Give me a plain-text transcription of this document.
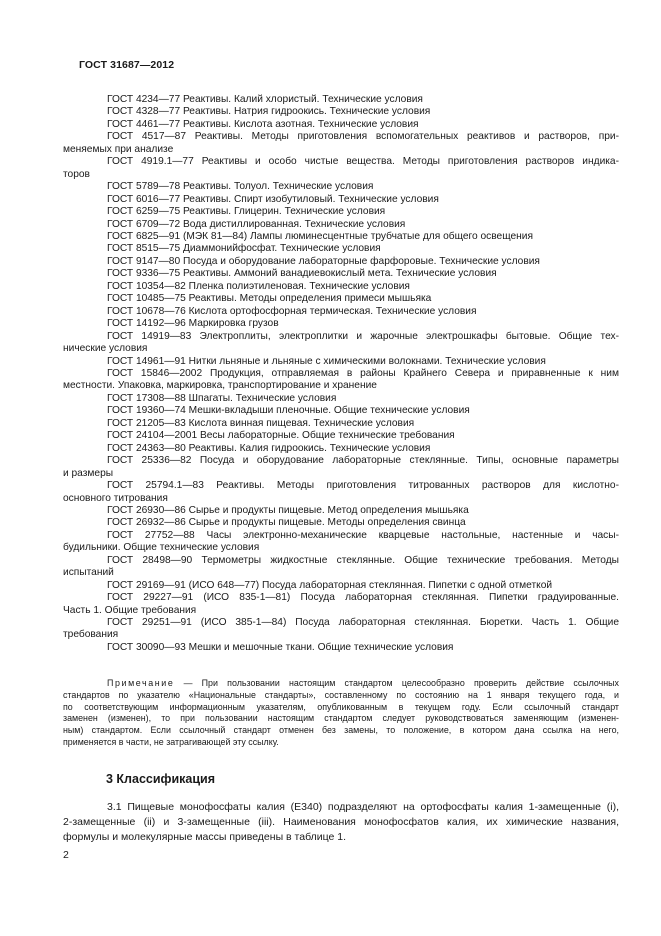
ГОСТ 31687—2012
ГОСТ 4234—77 Реактивы. Калий хлористый. Технические условия
ГОСТ 4328—77 Реактивы. Натрия гидроокись. Технические условия
ГОСТ 4461—77 Реактивы. Кислота азотная. Технические условия
ГОСТ 4517—87 Реактивы. Методы приготовления вспомогательных реактивов и растворов, при-
меняемых при анализе
ГОСТ 4919.1—77 Реактивы и особо чистые вещества. Методы приготовления растворов индика-
торов
ГОСТ 5789—78 Реактивы. Толуол. Технические условия
ГОСТ 6016—77 Реактивы. Спирт изобутиловый. Технические условия
ГОСТ 6259—75 Реактивы. Глицерин. Технические условия
ГОСТ 6709—72 Вода дистиллированная. Технические условия
ГОСТ 6825—91 (МЭК 81—84) Лампы люминесцентные трубчатые для общего освещения
ГОСТ 8515—75 Диаммонийфосфат. Технические условия
ГОСТ 9147—80 Посуда и оборудование лабораторные фарфоровые. Технические условия
ГОСТ 9336—75 Реактивы. Аммоний ванадиевокислый мета. Технические условия
ГОСТ 10354—82 Пленка полиэтиленовая. Технические условия
ГОСТ 10485—75 Реактивы. Методы определения примеси мышьяка
ГОСТ 10678—76 Кислота ортофосфорная термическая. Технические условия
ГОСТ 14192—96 Маркировка грузов
ГОСТ 14919—83 Электроплиты, электроплитки и жарочные электрошкафы бытовые. Общие тех-
нические условия
ГОСТ 14961—91 Нитки льняные и льняные с химическими волокнами. Технические условия
ГОСТ 15846—2002 Продукция, отправляемая в районы Крайнего Севера и приравненные к ним
местности. Упаковка, маркировка, транспортирование и хранение
ГОСТ 17308—88 Шпагаты. Технические условия
ГОСТ 19360—74 Мешки-вкладыши пленочные. Общие технические условия
ГОСТ 21205—83 Кислота винная пищевая. Технические условия
ГОСТ 24104—2001 Весы лабораторные. Общие технические требования
ГОСТ 24363—80 Реактивы. Калия гидроокись. Технические условия
ГОСТ 25336—82 Посуда и оборудование лабораторные стеклянные. Типы, основные параметры
и размеры
ГОСТ 25794.1—83 Реактивы. Методы приготовления титрованных растворов для кислотно-
основного титрования
ГОСТ 26930—86 Сырье и продукты пищевые. Метод определения мышьяка
ГОСТ 26932—86 Сырье и продукты пищевые. Методы определения свинца
ГОСТ 27752—88 Часы электронно-механические кварцевые настольные, настенные и часы-
будильники. Общие технические условия
ГОСТ 28498—90 Термометры жидкостные стеклянные. Общие технические требования. Методы
испытаний
ГОСТ 29169—91 (ИСО 648—77) Посуда лабораторная стеклянная. Пипетки с одной отметкой
ГОСТ 29227—91 (ИСО 835-1—81) Посуда лабораторная стеклянная. Пипетки градуированные.
Часть 1. Общие требования
ГОСТ 29251—91 (ИСО 385-1—84) Посуда лабораторная стеклянная. Бюретки. Часть 1. Общие
требования
ГОСТ 30090—93 Мешки и мешочные ткани. Общие технические условия
Примечание — При пользовании настоящим стандартом целесообразно проверить действие ссылочных
стандартов по указателю «Национальные стандарты», составленному по состоянию на 1 января текущего года, и
по соответствующим информационным указателям, опубликованным в текущем году. Если ссылочный стандарт
заменен (изменен), то при пользовании настоящим стандартом следует руководствоваться заменяющим (изменен-
ным) стандартом. Если ссылочный стандарт отменен без замены, то положение, в котором дана ссылка на него,
применяется в части, не затрагивающей эту ссылку.
3 Классификация
3.1 Пищевые монофосфаты калия (Е340) подразделяют на ортофосфаты калия 1-замещенные (i),
2-замещенные (ii) и 3-замещенные (iii). Наименования монофосфатов калия, их химические названия,
формулы и молекулярные массы приведены в таблице 1.
2
